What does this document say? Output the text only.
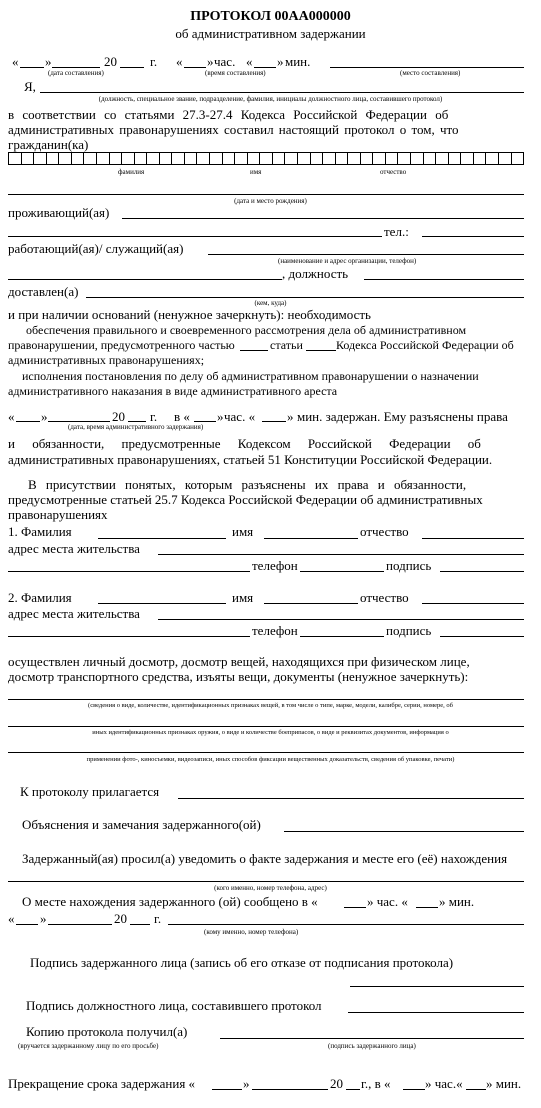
ПРОТОКОЛ 00АА000000
об административном задержании
« »	20	г. « » час. « » мин.
(дата составления)	(время составления)	(место составления)
Я,
(должность, специальное звание, подразделение, фамилия, инициалы должностного лица, составившего протокол)
в соответствии со статьями 27.3-27.4 Кодекса Российской Федерации об
административных правонарушениях составил настоящий протокол о том, что
гражданин(ка)
фамилия	имя	отчество
(дата и место рождения)
проживающий(ая)
тел.:
работающий(ая)/ служащий(ая)
(наименование и адрес организации, телефон)
, должность
доставлен(а)
(кем, куда)
и при наличии оснований (ненужное зачеркнуть): необходимость
обеспечения правильного и своевременного рассмотрения дела об административном
правонарушении, предусмотренного частью	статьи	Кодекса Российской Федерации об
административных правонарушениях;
исполнения постановления по делу об административном правонарушении о назначении
административного наказания в виде административного ареста
« »	20 г. в « » час. « » мин. задержан. Ему разъяснены права
(дата, время административного задержания)
и обязанности, предусмотренные Кодексом Российской Федерации об
административных правонарушениях, статьей 51 Конституции Российской Федерации.
В присутствии понятых, которым разъяснены их права и обязанности,
предусмотренные статьей 25.7 Кодекса Российской Федерации об административных
правонарушениях
1. Фамилия	имя	отчество
адрес места жительства
телефон	подпись
2. Фамилия	имя	отчество
адрес места жительства
телефон	подпись
осуществлен личный досмотр, досмотр вещей, находящихся при физическом лице,
досмотр транспортного средства, изъяты вещи, документы (ненужное зачеркнуть):
(сведения о виде, количестве, идентификационных признаках вещей, в том числе о типе, марке, модели, калибре, серии, номере, об
иных идентификационных признаках оружия, о виде и количестве боеприпасов, о виде и реквизитах документов, информация о
применении фото-, киносъемки, видеозаписи, иных способов фиксации вещественных доказательств, сведения об упаковке, печати)
К протоколу прилагается
Объяснения и замечания задержанного(ой)
Задержанный(ая) просил(а) уведомить о факте задержания и месте его (её) нахождения
(кого именно, номер телефона, адрес)
О месте нахождения задержанного (ой) сообщено в «	» час. « » мин.
« »	20 г.
(кому именно, номер телефона)
Подпись задержанного лица (запись об его отказе от подписания протокола)
Подпись должностного лица, составившего протокол
Копию протокола получил(а)
(вручается задержанному лицу по его просьбе)	(подпись задержанного лица)
Прекращение срока задержания «	»	20 г., в «	» час.« » мин.
